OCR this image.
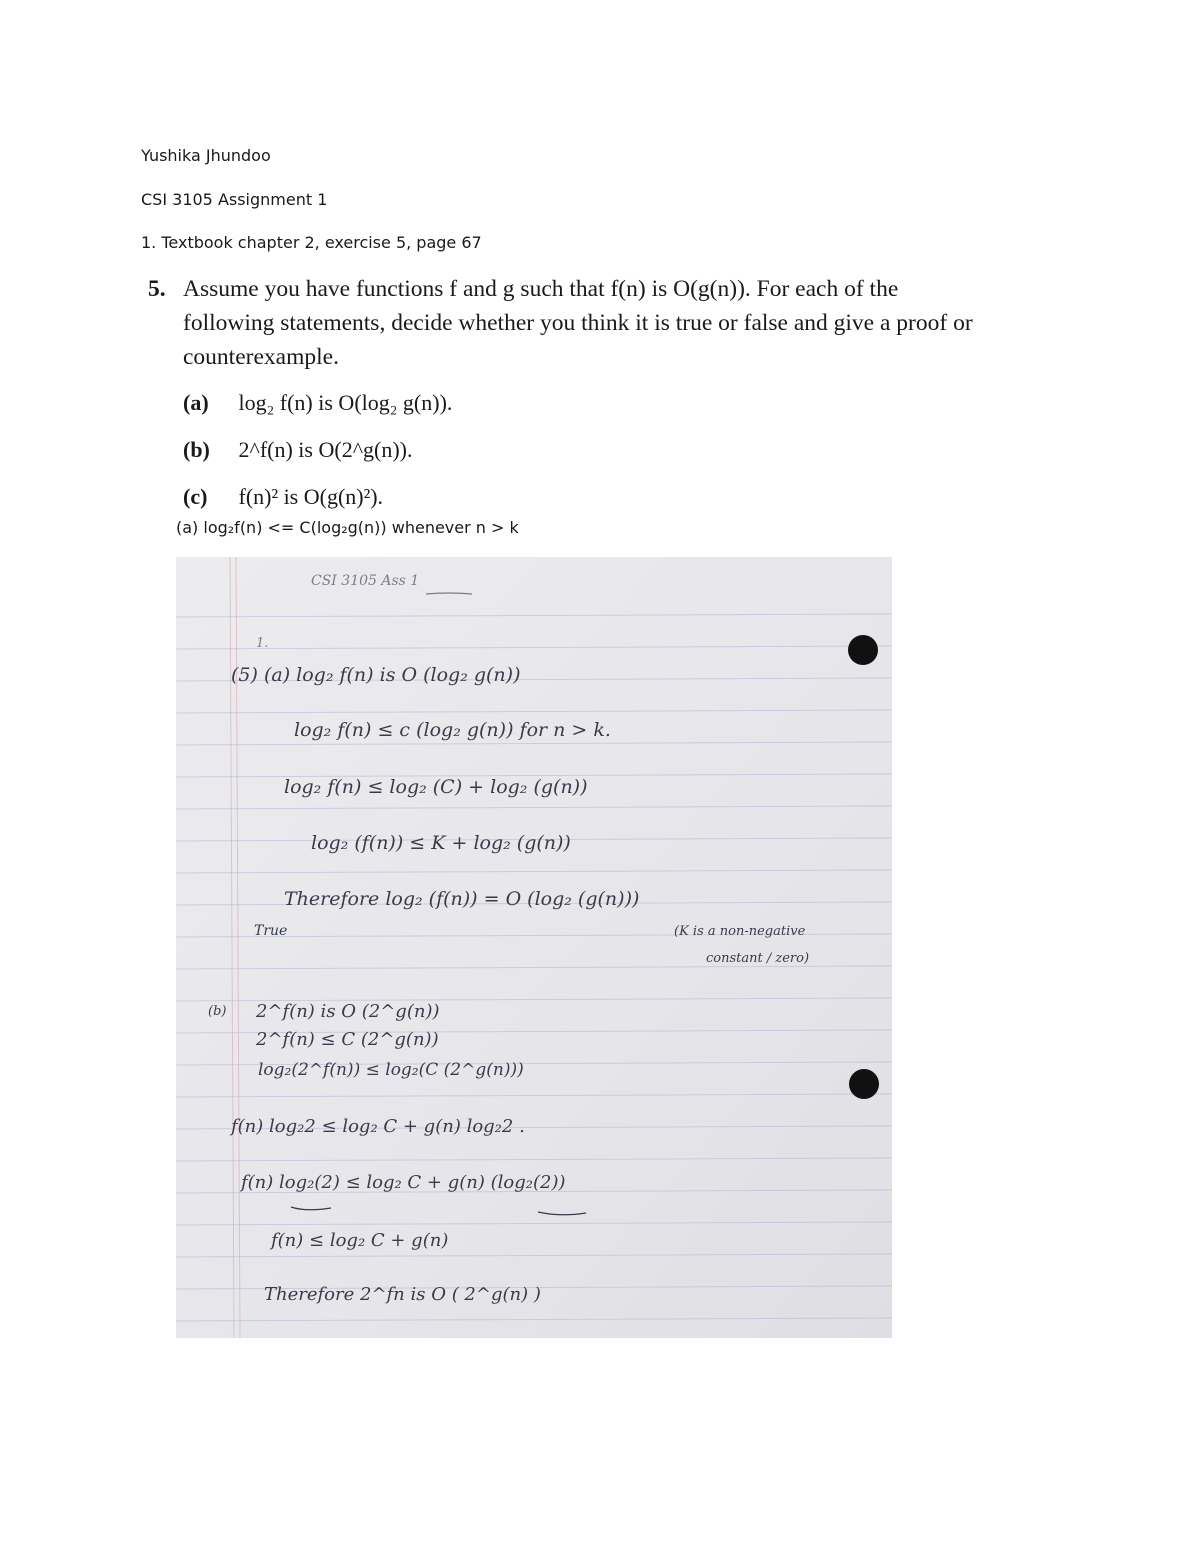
Yushika Jhundoo
CSI 3105 Assignment 1
1. Textbook chapter 2, exercise 5, page 67
5. Assume you have functions f and g such that f(n) is O(g(n)). For each of the following statements, decide whether you think it is true or false and give a proof or counterexample.
(a) log₂ f(n) is O(log₂ g(n)).
(b) 2^f(n) is O(2^g(n)).
(c) f(n)² is O(g(n)²).
(a) log₂f(n) <= C(log₂g(n)) whenever n > k
CSI 3105 Ass 1
1.
(5) (a) log₂ f(n) is O (log₂ g(n))
log₂ f(n) ≤ c (log₂ g(n)) for n > k.
log₂ f(n) ≤ log₂ (C) + log₂ (g(n))
log₂ (f(n)) ≤ K + log₂ (g(n))
Therefore log₂ (f(n)) = O (log₂ (g(n)))
True	(K is a non-negative
constant / zero)
(b) 2^f(n) is O (2^g(n))
2^f(n) ≤ C (2^g(n))
log₂(2^f(n)) ≤ log₂(C (2^g(n)))
f(n) log₂2 ≤ log₂ C + g(n) log₂2 .
f(n) log₂(2) ≤ log₂ C + g(n) (log₂(2))
f(n) ≤ log₂ C + g(n)
Therefore 2^fn is O ( 2^g(n) )
